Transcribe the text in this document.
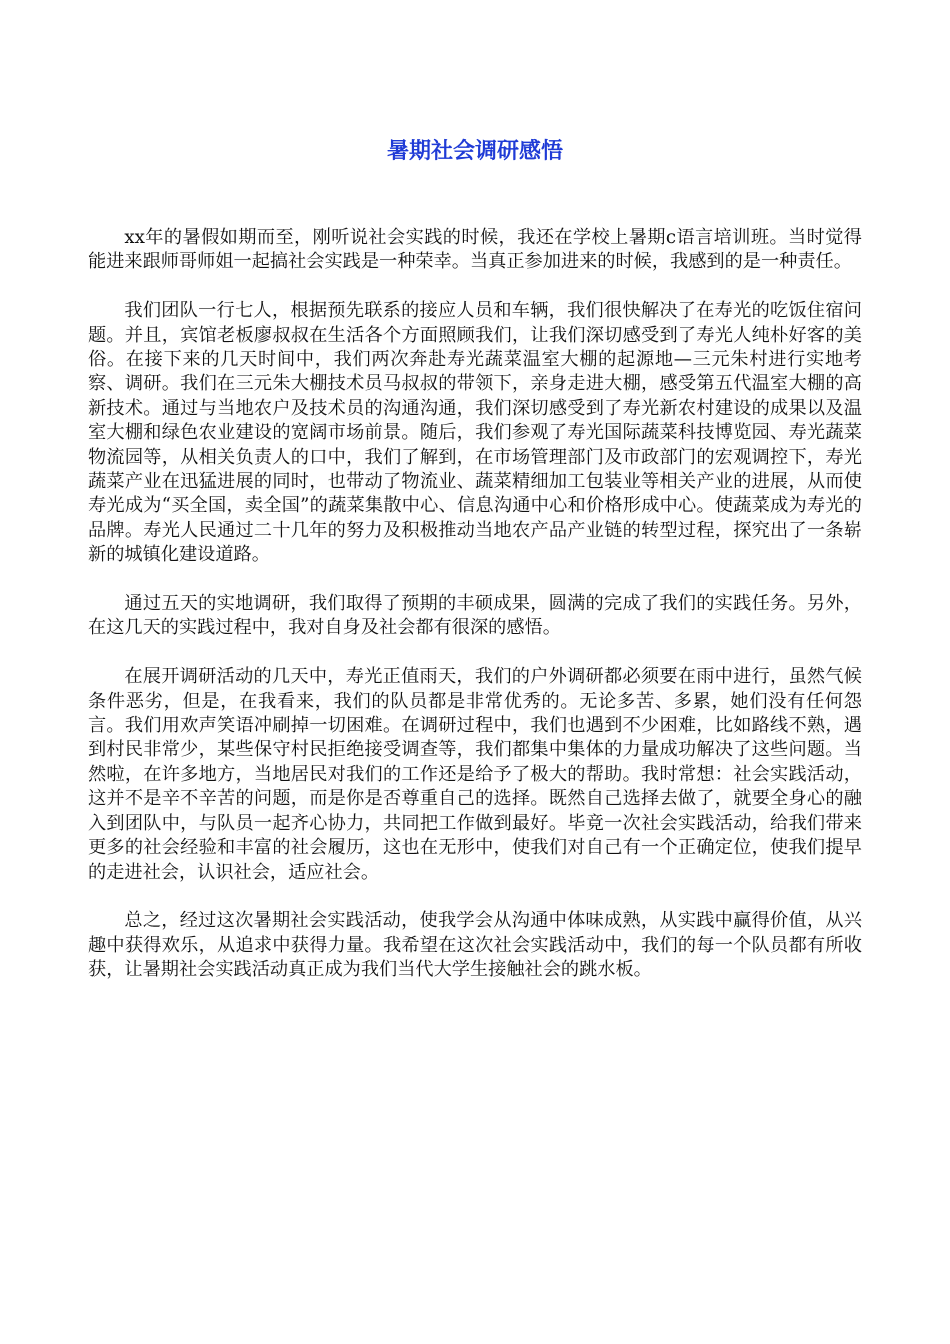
暑期社会调研感悟

xx年的暑假如期而至，刚听说社会实践的时候，我还在学校上暑期c语言培训班。当时觉得能进来跟师哥师姐一起搞社会实践是一种荣幸。当真正参加进来的时候，我感到的是一种责任。

我们团队一行七人，根据预先联系的接应人员和车辆，我们很快解决了在寿光的吃饭住宿问题。并且，宾馆老板廖叔叔在生活各个方面照顾我们，让我们深切感受到了寿光人纯朴好客的美俗。在接下来的几天时间中，我们两次奔赴寿光蔬菜温室大棚的起源地—三元朱村进行实地考察、调研。我们在三元朱大棚技术员马叔叔的带领下，亲身走进大棚，感受第五代温室大棚的高新技术。通过与当地农户及技术员的沟通沟通，我们深切感受到了寿光新农村建设的成果以及温室大棚和绿色农业建设的宽阔市场前景。随后，我们参观了寿光国际蔬菜科技博览园、寿光蔬菜物流园等，从相关负责人的口中，我们了解到，在市场管理部门及市政部门的宏观调控下，寿光蔬菜产业在迅猛进展的同时，也带动了物流业、蔬菜精细加工包装业等相关产业的进展，从而使寿光成为“买全国，卖全国”的蔬菜集散中心、信息沟通中心和价格形成中心。使蔬菜成为寿光的品牌。寿光人民通过二十几年的努力及积极推动当地农产品产业链的转型过程，探究出了一条崭新的城镇化建设道路。

通过五天的实地调研，我们取得了预期的丰硕成果，圆满的完成了我们的实践任务。另外，在这几天的实践过程中，我对自身及社会都有很深的感悟。

在展开调研活动的几天中，寿光正值雨天，我们的户外调研都必须要在雨中进行，虽然气候条件恶劣，但是，在我看来，我们的队员都是非常优秀的。无论多苦、多累，她们没有任何怨言。我们用欢声笑语冲刷掉一切困难。在调研过程中，我们也遇到不少困难，比如路线不熟，遇到村民非常少，某些保守村民拒绝接受调查等，我们都集中集体的力量成功解决了这些问题。当然啦，在许多地方，当地居民对我们的工作还是给予了极大的帮助。我时常想：社会实践活动，这并不是辛不辛苦的问题，而是你是否尊重自己的选择。既然自己选择去做了，就要全身心的融入到团队中，与队员一起齐心协力，共同把工作做到最好。毕竟一次社会实践活动，给我们带来更多的社会经验和丰富的社会履历，这也在无形中，使我们对自己有一个正确定位，使我们提早的走进社会，认识社会，适应社会。

总之，经过这次暑期社会实践活动，使我学会从沟通中体味成熟，从实践中赢得价值，从兴趣中获得欢乐，从追求中获得力量。我希望在这次社会实践活动中，我们的每一个队员都有所收获，让暑期社会实践活动真正成为我们当代大学生接触社会的跳水板。
